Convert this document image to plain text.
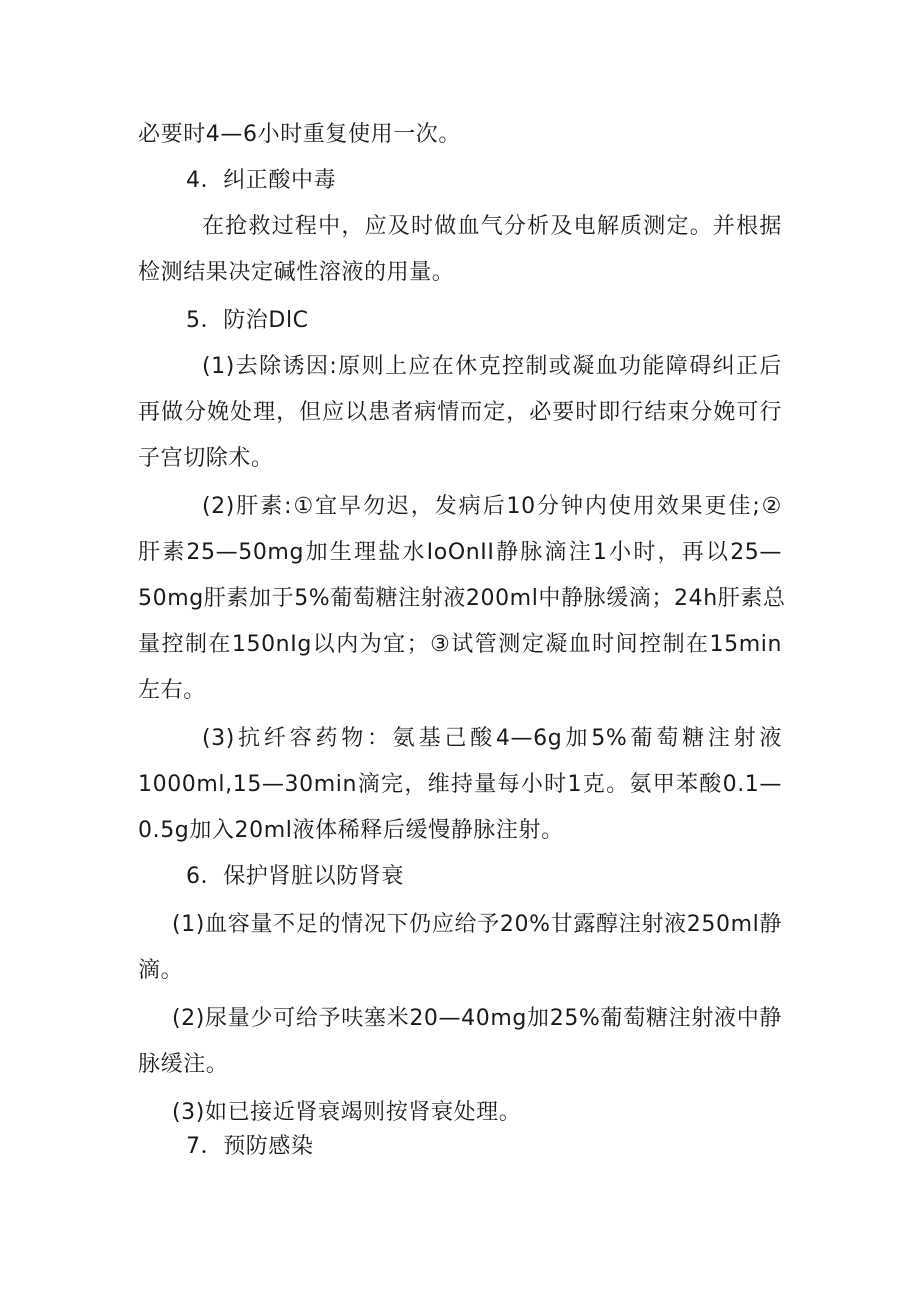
必要时4—6小时重复使用一次。
4．纠正酸中毒
在抢救过程中，应及时做血气分析及电解质测定。并根据
检测结果决定碱性溶液的用量。
5．防治DlC
(1)去除诱因:原则上应在休克控制或凝血功能障碍纠正后
再做分娩处理，但应以患者病情而定，必要时即行结束分娩可行
子宫切除术。
(2)肝素:①宜早勿迟，发病后10分钟内使用效果更佳;②
肝素25—50mg加生理盐水IoOnII静脉滴注1小时，再以25—
50mg肝素加于5%葡萄糖注射液200ml中静脉缓滴；24h肝素总
量控制在150nIg以内为宜；③试管测定凝血时间控制在15min
左右。
(3)抗纤容药物：氨基己酸4—6g加5%葡萄糖注射液
1000ml,15—30min滴完，维持量每小时1克。氨甲苯酸0.1—
0.5g加入20ml液体稀释后缓慢静脉注射。
6．保护肾脏以防肾衰
(1)血容量不足的情况下仍应给予20%甘露醇注射液250ml静
滴。
(2)尿量少可给予呋塞米20—40mg加25%葡萄糖注射液中静
脉缓注。
(3)如已接近肾衰竭则按肾衰处理。
7．预防感染
